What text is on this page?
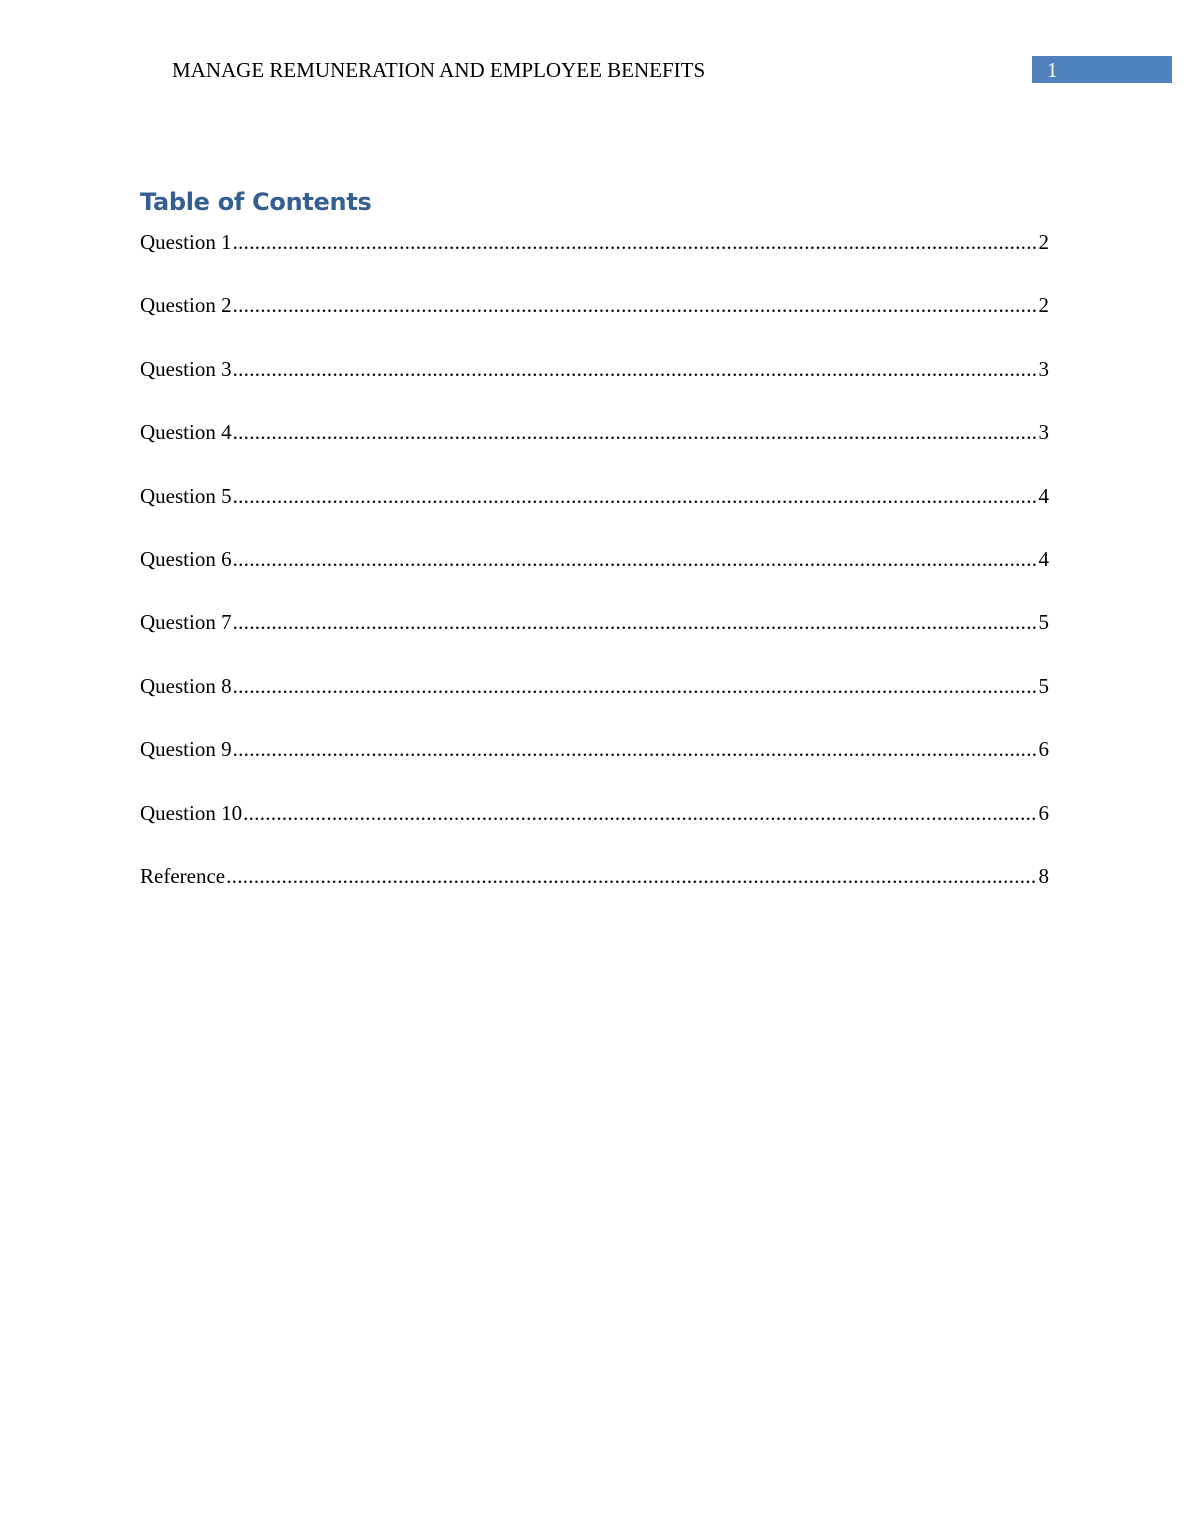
MANAGE REMUNERATION AND EMPLOYEE BENEFITS	1
Table of Contents
Question 1 .....	2
Question 2 .....	2
Question 3 .....	3
Question 4 .....	3
Question 5 .....	4
Question 6 .....	4
Question 7 .....	5
Question 8 .....	5
Question 9 .....	6
Question 10 .....	6
Reference .....	8
